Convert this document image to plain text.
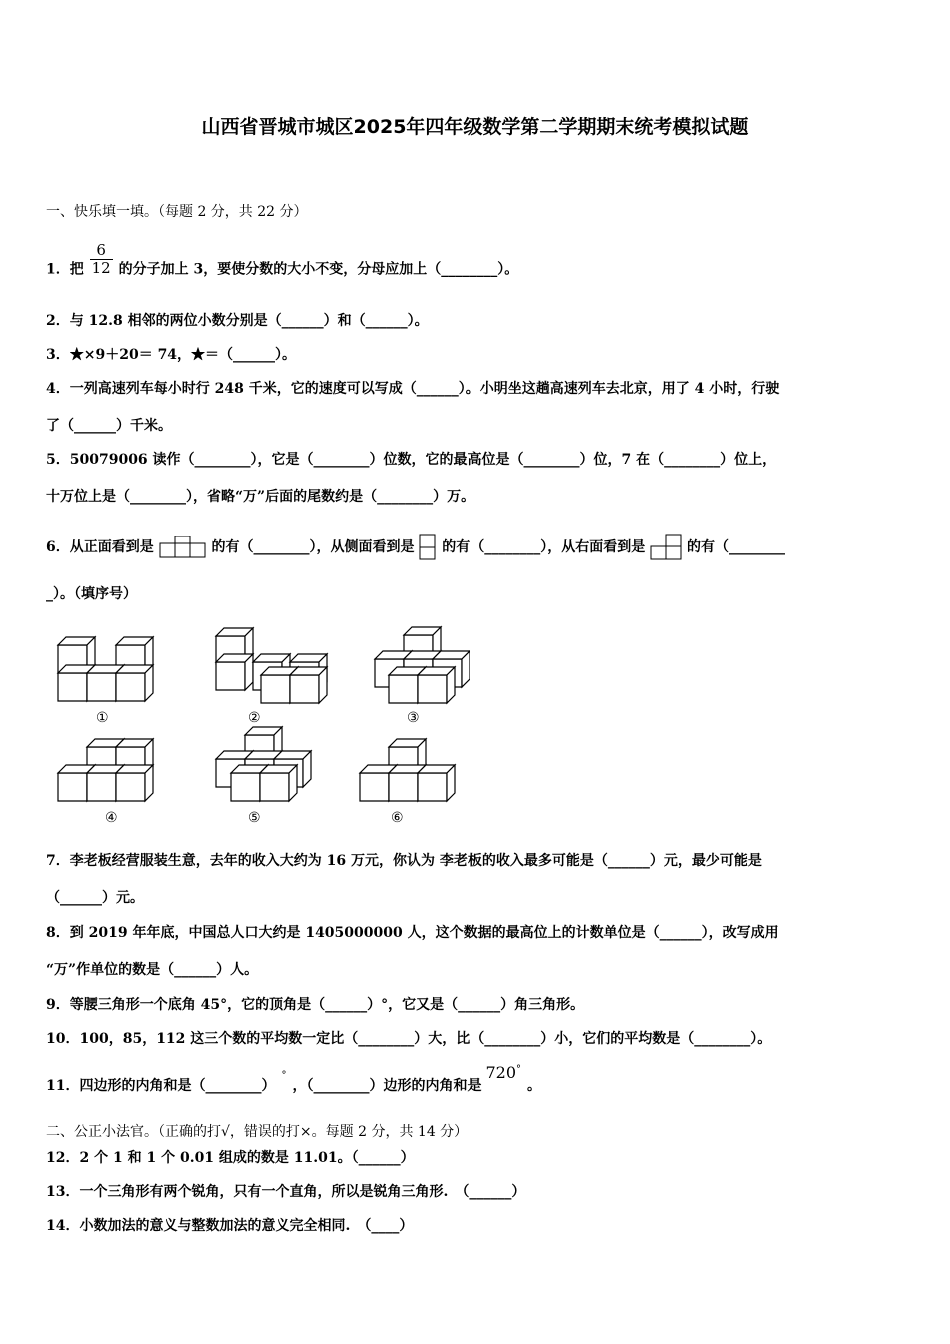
山西省晋城市城区2025年四年级数学第二学期期末统考模拟试题
一、快乐填一填。（每题 2 分，共 22 分）
1．把 $\frac{6}{12}$ 的分子加上 3，要使分数的大小不变，分母应加上（________）。
2．与 12.8 相邻的两位小数分别是（______）和（______）。
3．★×9＋20＝ 74，★＝（______）。
4．一列高速列车每小时行 248 千米，它的速度可以写成（______）。小明坐这趟高速列车去北京，用了 4 小时，行驶
了（______）千米。
5．50079006 读作（________），它是（________）位数，它的最高位是（________）位，7 在（________）位上，
十万位上是（________），省略“万”后面的尾数约是（________）万。
6．从正面看到是	的有（________），从侧面看到是 的有（________），从右面看到是	的有（________
_）。（填序号）
①	②	③
④	⑤	⑥
7．李老板经营服装生意，去年的收入大约为 16 万元，你认为 李老板的收入最多可能是（______）元，最少可能是
（______）元。
8．到 2019 年年底，中国总人口大约是 1405000000 人，这个数据的最高位上的计数单位是（______），改写成用
“万”作单位的数是（______）人。
9．等腰三角形一个底角 45°，它的顶角是（______）°，它又是（______）角三角形。
10．100，85，112 这三个数的平均数一定比（________）大，比（________）小，它们的平均数是（________）。
11．四边形的内角和是（________）°，（________）边形的内角和是720°。
二、公正小法官。（正确的打√，错误的打×。每题 2 分，共 14 分）
12．2 个 1 和 1 个 0.01 组成的数是 11.01。（______）
13．一个三角形有两个锐角，只有一个直角，所以是锐角三角形.　（______）
14．小数加法的意义与整数加法的意义完全相同.　（____）
